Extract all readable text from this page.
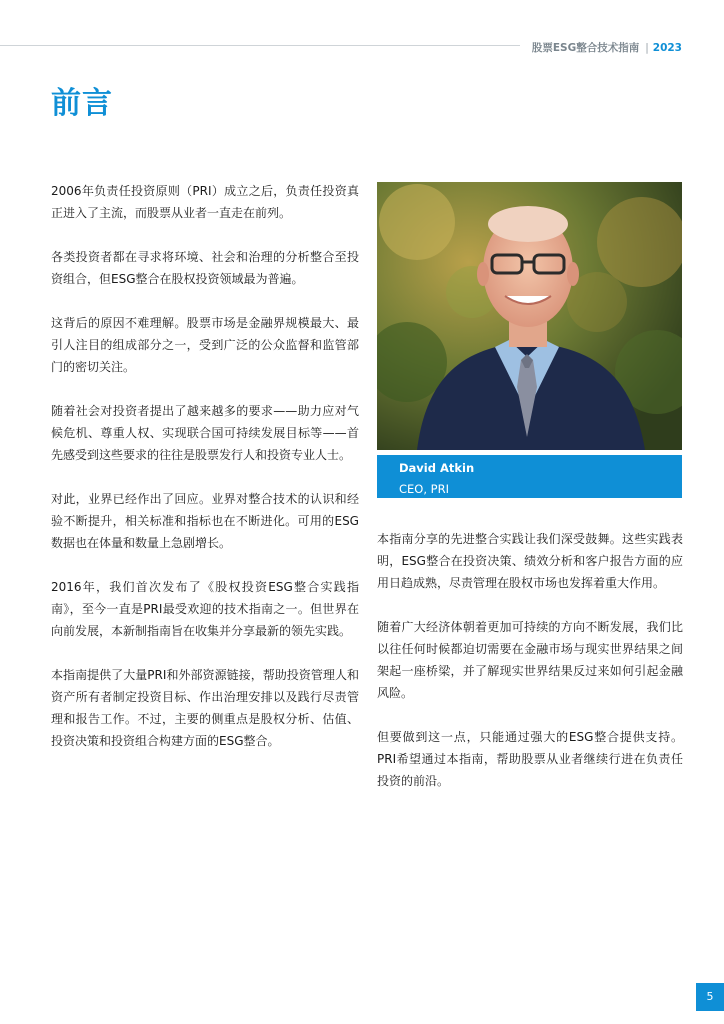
股票ESG整合技术指南 | 2023
前言

2006年负责任投资原则（PRI）成立之后，负责任投资真正进入了主流，而股票从业者一直走在前列。

各类投资者都在寻求将环境、社会和治理的分析整合至投资组合，但ESG整合在股权投资领域最为普遍。

这背后的原因不难理解。股票市场是金融界规模最大、最引人注目的组成部分之一，受到广泛的公众监督和监管部门的密切关注。

随着社会对投资者提出了越来越多的要求——助力应对气候危机、尊重人权、实现联合国可持续发展目标等——首先感受到这些要求的往往是股票发行人和投资专业人士。

对此，业界已经作出了回应。业界对整合技术的认识和经验不断提升，相关标准和指标也在不断进化。可用的ESG数据也在体量和数量上急剧增长。

2016年，我们首次发布了《股权投资ESG整合实践指南》，至今一直是PRI最受欢迎的技术指南之一。但世界在向前发展，本新制指南旨在收集并分享最新的领先实践。

本指南提供了大量PRI和外部资源链接，帮助投资管理人和资产所有者制定投资目标、作出治理安排以及践行尽责管理和报告工作。不过，主要的侧重点是股权分析、估值、投资决策和投资组合构建方面的ESG整合。

David Atkin
CEO, PRI

本指南分享的先进整合实践让我们深受鼓舞。这些实践表明，ESG整合在投资决策、绩效分析和客户报告方面的应用日趋成熟，尽责管理在股权市场也发挥着重大作用。

随着广大经济体朝着更加可持续的方向不断发展，我们比以往任何时候都迫切需要在金融市场与现实世界结果之间架起一座桥梁，并了解现实世界结果反过来如何引起金融风险。

但要做到这一点，只能通过强大的ESG整合提供支持。PRI希望通过本指南，帮助股票从业者继续行进在负责任投资的前沿。

5
